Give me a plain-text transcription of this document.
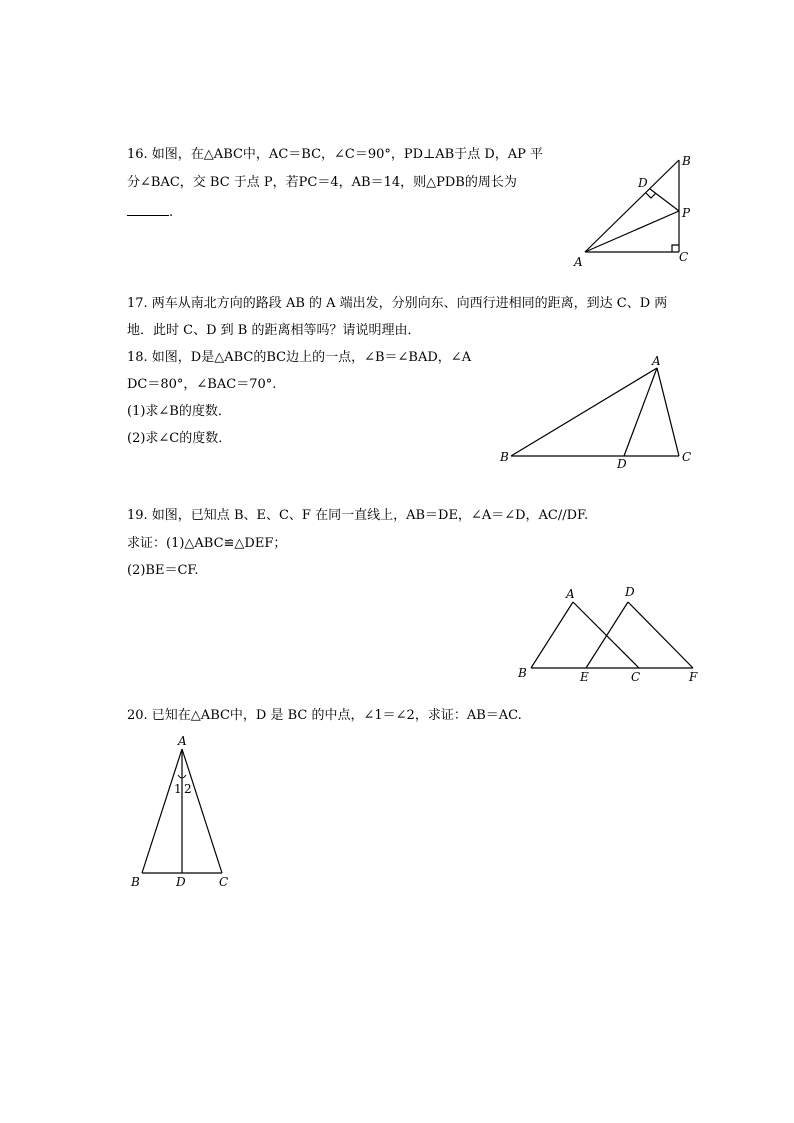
16. 如图，在△ABC中，AC＝BC，∠C＝90°，PD⊥AB于点 D，AP 平
分∠BAC，交 BC 于点 P，若PC＝4，AB＝14，则△PDB的周长为
.
B
D
P
A	C
17. 两车从南北方向的路段 AB 的 A 端出发，分别向东、向西行进相同的距离，到达 C、D 两
地．此时 C、D 到 B 的距离相等吗？请说明理由．
18. 如图，D是△ABC的BC边上的一点，∠B＝∠BAD，∠A
DC＝80°，∠BAC＝70°.
(1)求∠B的度数．
(2)求∠C的度数．
A
B	D	C
19. 如图，已知点 B、E、C、F 在同一直线上，AB＝DE，∠A＝∠D，AC//DF.
求证：(1)△ABC≌△DEF；
(2)BE＝CF.
A	D
B	E	C	F
20. 已知在△ABC中，D 是 BC 的中点，∠1＝∠2，求证：AB＝AC.
A
1 2
B	D	C
